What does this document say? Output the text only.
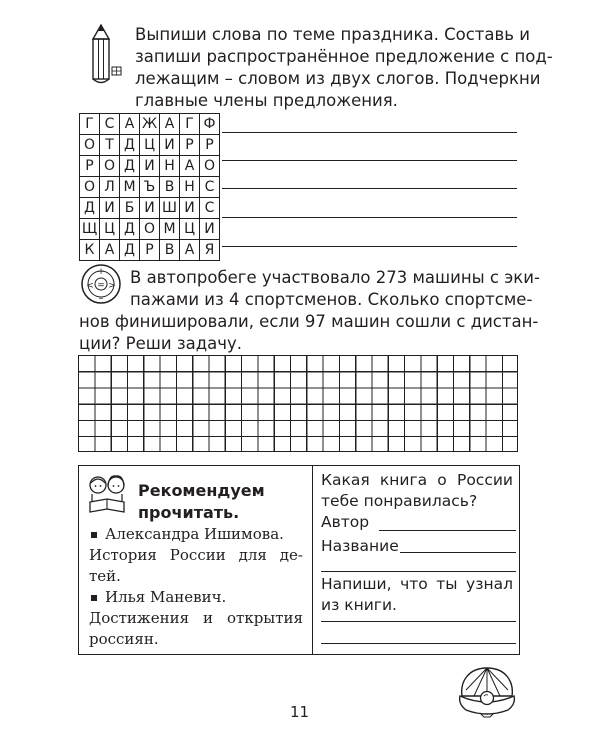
Выпиши слова по теме праздника. Составь и
запиши распространённое предложение с под-
лежащим – словом из двух слогов. Подчеркни
главные члены предложения.
Г	С	А	Ж	А	Г	Ф
О	Т	Д	Ц	И	Р	Р
Р	О	Д	И	Н	А	О
О	Л	М	Ъ	В	Н	С
Д	И	Б	И	Ш	И	С
Щ	Ц	Д	О	М	Ц	И
К	А	Д	Р	В	А	Я
+
–
< >
= В автопробеге участвовало 273 машины с эки-
пажами из 4 спортсменов. Сколько спортсме-
нов финишировали, если 97 машин сошли с дистан-
ции? Реши задачу.
Рекомендуем
прочитать.
Александра Ишимова.
История России для де-
тей.
Илья Маневич.
Достижения и открытия
россиян.
Какая книга о России
тебе понравилась?
Автор
Название
Напиши, что ты узнал
из книги.
11
